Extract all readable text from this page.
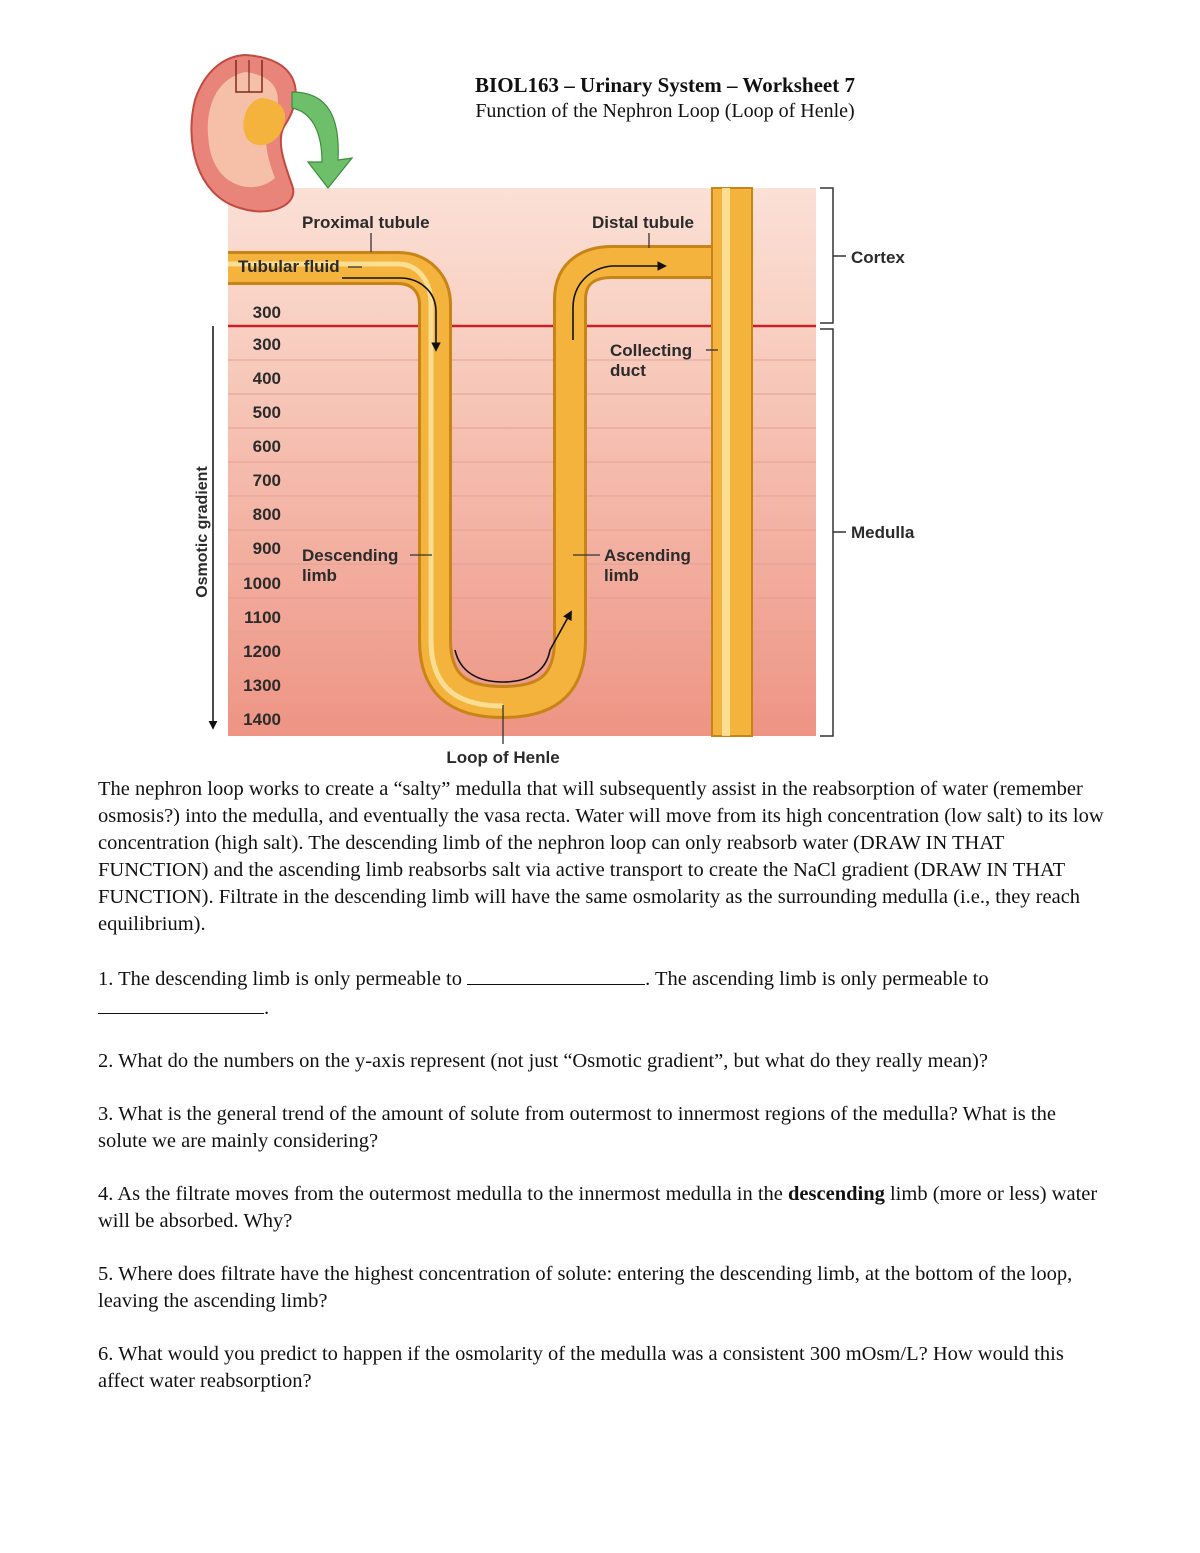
BIOL163 – Urinary System – Worksheet 7
Function of the Nephron Loop (Loop of Henle)
Osmotic gradient
Proximal tubule	Distal tubule
Tubular fluid	Cortex
Medulla
Collecting
duct
Descending
limb
Ascending
limb
Loop of Henle
300
300
400
500
600
700
800
900
1000
1100
1200
1300
1400

The nephron loop works to create a “salty” medulla that will subsequently assist in the reabsorption of water (remember osmosis?) into the medulla, and eventually the vasa recta. Water will move from its high concentration (low salt) to its low concentration (high salt). The descending limb of the nephron loop can only reabsorb water (DRAW IN THAT FUNCTION) and the ascending limb reabsorbs salt via active transport to create the NaCl gradient (DRAW IN THAT FUNCTION). Filtrate in the descending limb will have the same osmolarity as the surrounding medulla (i.e., they reach equilibrium).

1. The descending limb is only permeable to	. The ascending limb is only permeable to .

2. What do the numbers on the y-axis represent (not just “Osmotic gradient”, but what do they really mean)?

3. What is the general trend of the amount of solute from outermost to innermost regions of the medulla? What is the solute we are mainly considering?

4. As the filtrate moves from the outermost medulla to the innermost medulla in the descending limb (more or less) water will be absorbed. Why?

5. Where does filtrate have the highest concentration of solute: entering the descending limb, at the bottom of the loop, leaving the ascending limb?

6. What would you predict to happen if the osmolarity of the medulla was a consistent 300 mOsm/L? How would this affect water reabsorption?
